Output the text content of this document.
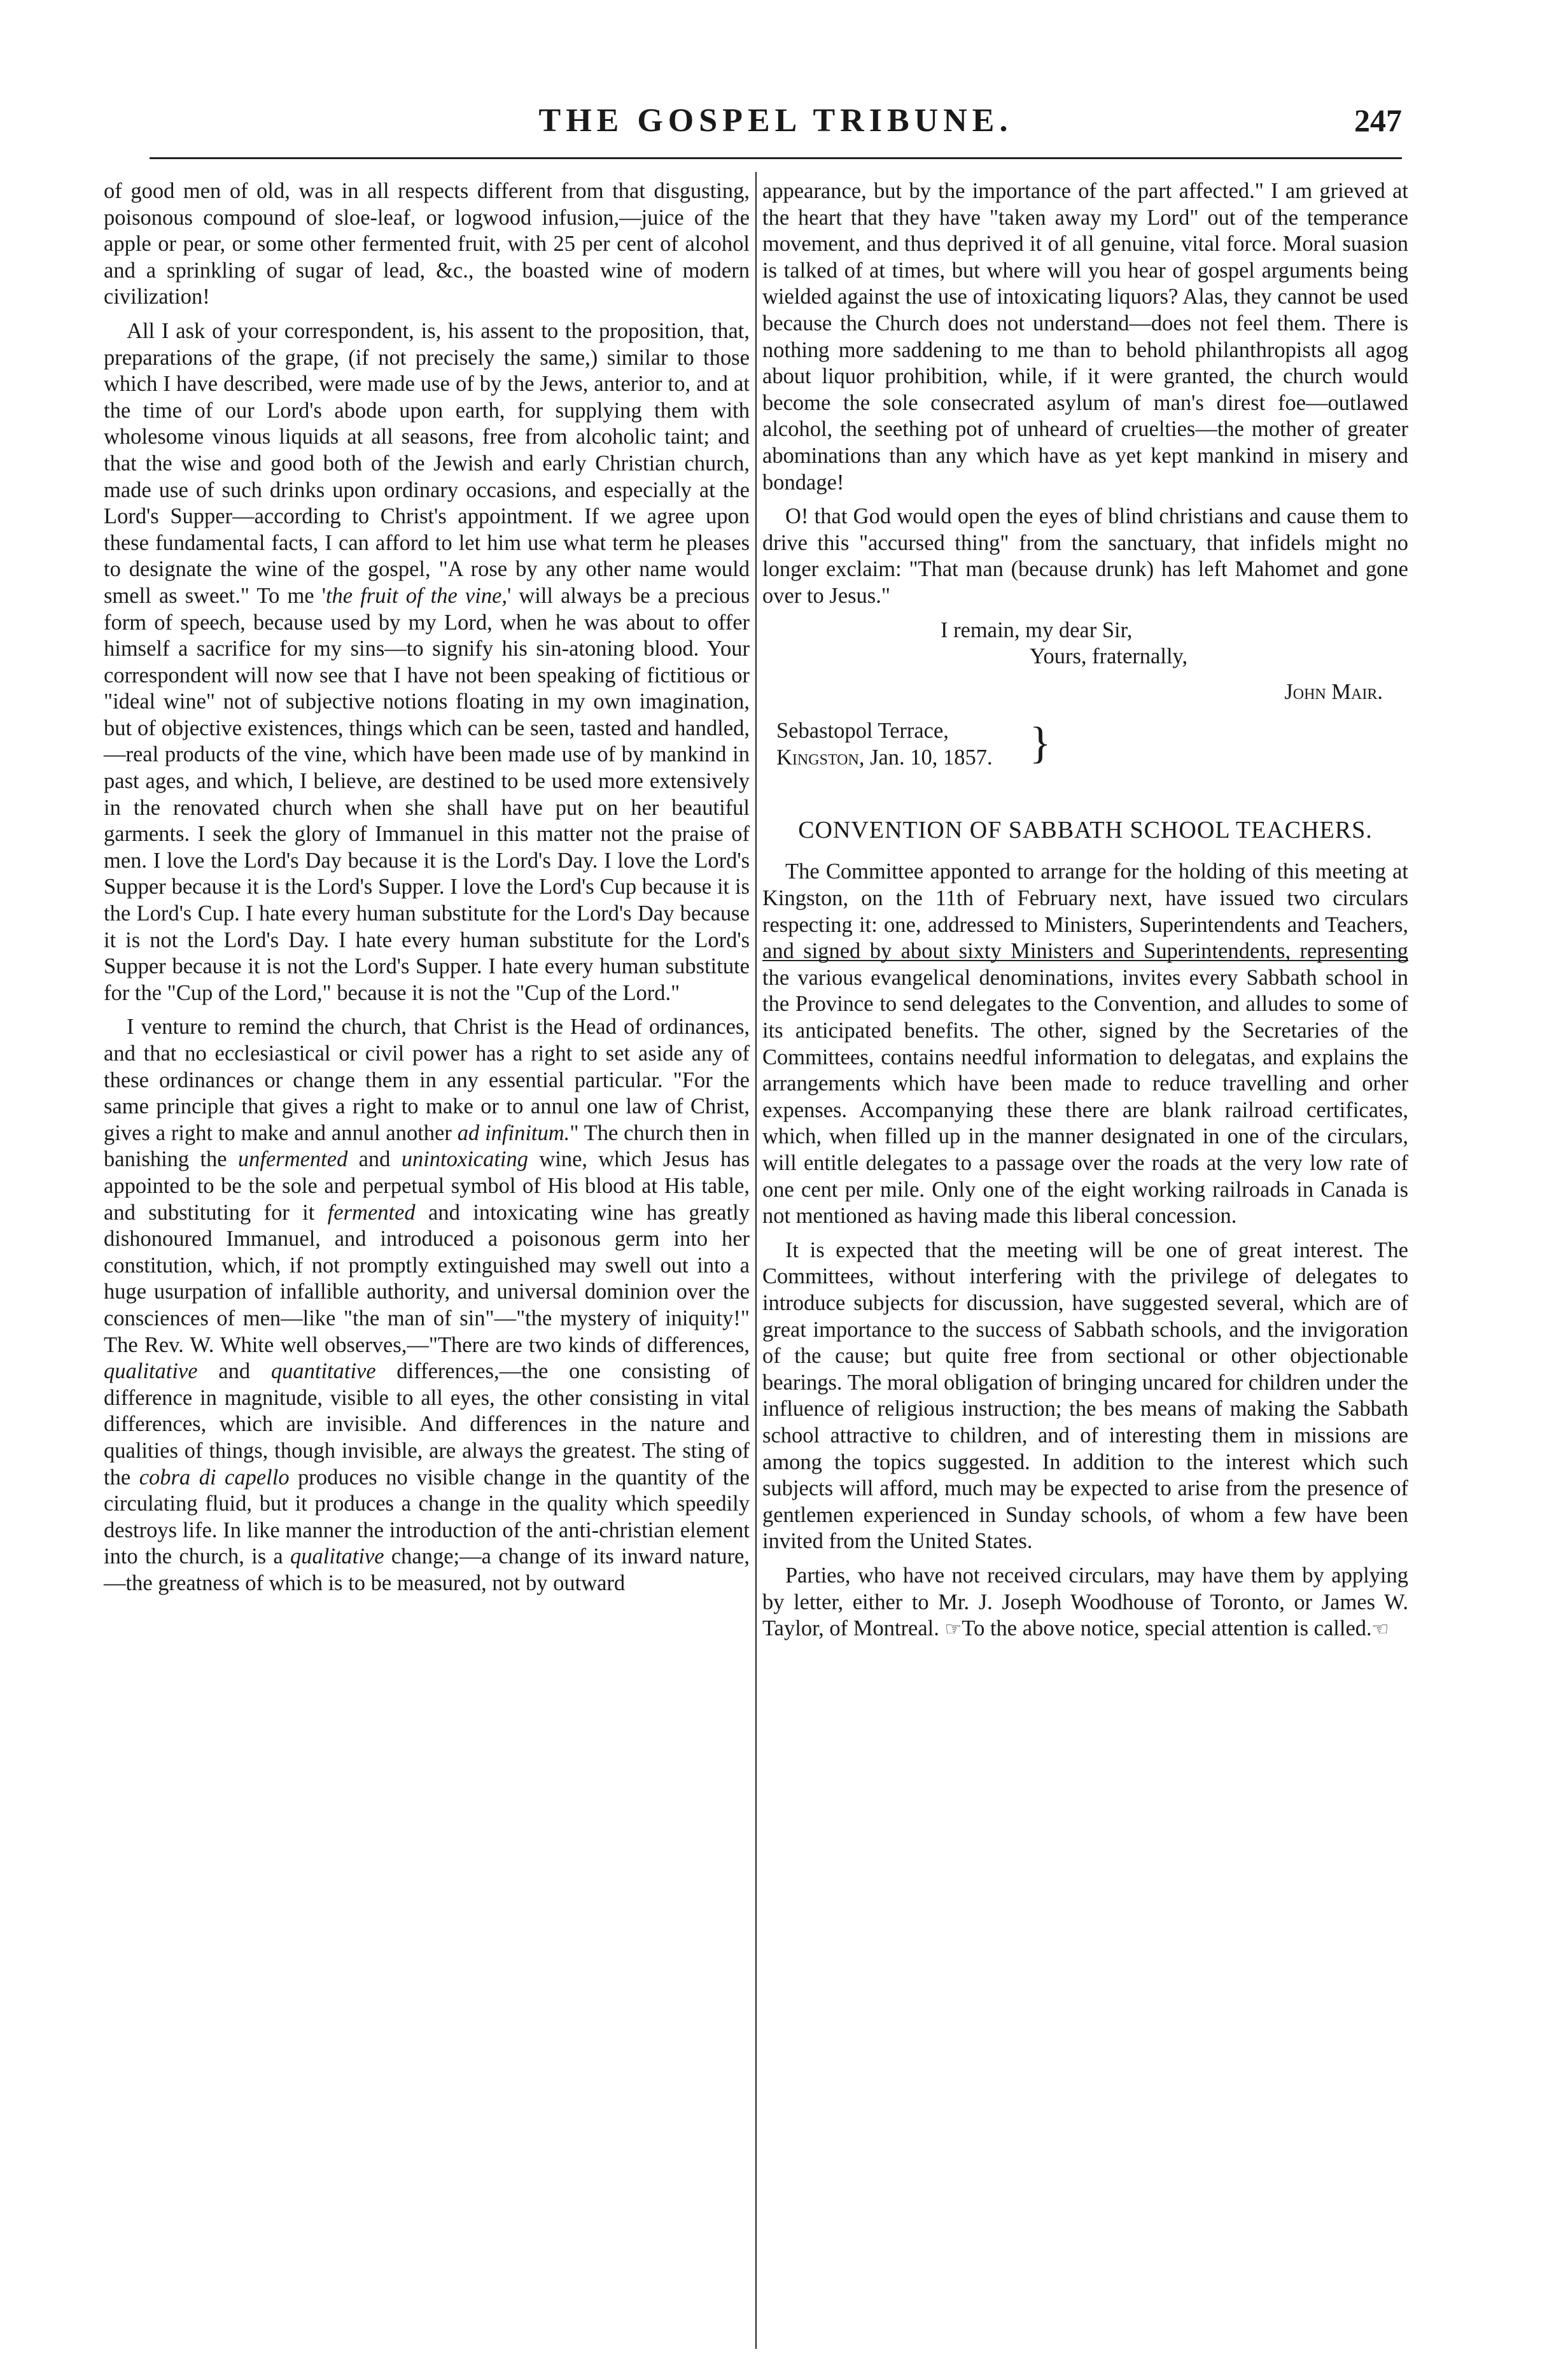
THE GOSPEL TRIBUNE.	247

of good men of old, was in all respects different from that disgusting, poisonous compound of sloe-leaf, or logwood infusion,—juice of the apple or pear, or some other fermented fruit, with 25 per cent of alcohol and a sprinkling of sugar of lead, &c., the boasted wine of modern civilization!

All I ask of your correspondent, is, his assent to the proposition, that, preparations of the grape, (if not precisely the same,) similar to those which I have described, were made use of by the Jews, anterior to, and at the time of our Lord's abode upon earth, for supplying them with wholesome vinous liquids at all seasons, free from alcoholic taint; and that the wise and good both of the Jewish and early Christian church, made use of such drinks upon ordinary occasions, and especially at the Lord's Supper—according to Christ's appointment. If we agree upon these fundamental facts, I can afford to let him use what term he pleases to designate the wine of the gospel, "A rose by any other name would smell as sweet." To me 'the fruit of the vine,' will always be a precious form of speech, because used by my Lord, when he was about to offer himself a sacrifice for my sins—to signify his sin-atoning blood. Your correspondent will now see that I have not been speaking of fictitious or "ideal wine" not of subjective notions floating in my own imagination, but of objective existences, things which can be seen, tasted and handled,—real products of the vine, which have been made use of by mankind in past ages, and which, I believe, are destined to be used more extensively in the renovated church when she shall have put on her beautiful garments. I seek the glory of Immanuel in this matter not the praise of men. I love the Lord's Day because it is the Lord's Day. I love the Lord's Supper because it is the Lord's Supper. I love the Lord's Cup because it is the Lord's Cup. I hate every human substitute for the Lord's Day because it is not the Lord's Day. I hate every human substitute for the Lord's Supper because it is not the Lord's Supper. I hate every human substitute for the "Cup of the Lord," because it is not the "Cup of the Lord."

I venture to remind the church, that Christ is the Head of ordinances, and that no ecclesiastical or civil power has a right to set aside any of these ordinances or change them in any essential particular. "For the same principle that gives a right to make or to annul one law of Christ, gives a right to make and annul another ad infinitum." The church then in banishing the unfermented and unintoxicating wine, which Jesus has appointed to be the sole and perpetual symbol of His blood at His table, and substituting for it fermented and intoxicating wine has greatly dishonoured Immanuel, and introduced a poisonous germ into her constitution, which, if not promptly extinguished may swell out into a huge usurpation of infallible authority, and universal dominion over the consciences of men—like "the man of sin"—"the mystery of iniquity!" The Rev. W. White well observes,—"There are two kinds of differences, qualitative and quantitative differences,—the one consisting of difference in magnitude, visible to all eyes, the other consisting in vital differences, which are invisible. And differences in the nature and qualities of things, though invisible, are always the greatest. The sting of the cobra di capello produces no visible change in the quantity of the circulating fluid, but it produces a change in the quality which speedily destroys life. In like manner the introduction of the anti-christian element into the church, is a qualitative change;—a change of its inward nature,—the greatness of which is to be measured, not by outward

appearance, but by the importance of the part affected." I am grieved at the heart that they have "taken away my Lord" out of the temperance movement, and thus deprived it of all genuine, vital force. Moral suasion is talked of at times, but where will you hear of gospel arguments being wielded against the use of intoxicating liquors? Alas, they cannot be used because the Church does not understand—does not feel them. There is nothing more saddening to me than to behold philanthropists all agog about liquor prohibition, while, if it were granted, the church would become the sole consecrated asylum of man's direst foe—outlawed alcohol, the seething pot of unheard of cruelties—the mother of greater abominations than any which have as yet kept mankind in misery and bondage!

O! that God would open the eyes of blind christians and cause them to drive this "accursed thing" from the sanctuary, that infidels might no longer exclaim: "That man (because drunk) has left Mahomet and gone over to Jesus."

I remain, my dear Sir,
Yours, fraternally,
John Mair.
Sebastopol Terrace,
Kingston, Jan. 10, 1857. }
CONVENTION OF SABBATH SCHOOL TEACHERS.

The Committee apponted to arrange for the holding of this meeting at Kingston, on the 11th of February next, have issued two circulars respecting it: one, addressed to Ministers, Superintendents and Teachers, and signed by about sixty Ministers and Superintendents, representing the various evangelical denominations, invites every Sabbath school in the Province to send delegates to the Convention, and alludes to some of its anticipated benefits. The other, signed by the Secretaries of the Committees, contains needful information to delegatas, and explains the arrangements which have been made to reduce travelling and orher expenses. Accompanying these there are blank railroad certificates, which, when filled up in the manner designated in one of the circulars, will entitle delegates to a passage over the roads at the very low rate of one cent per mile. Only one of the eight working railroads in Canada is not mentioned as having made this liberal concession.

It is expected that the meeting will be one of great interest. The Committees, without interfering with the privilege of delegates to introduce subjects for discussion, have suggested several, which are of great importance to the success of Sabbath schools, and the invigoration of the cause; but quite free from sectional or other objectionable bearings. The moral obligation of bringing uncared for children under the influence of religious instruction; the bes means of making the Sabbath school attractive to children, and of interesting them in missions are among the topics suggested. In addition to the interest which such subjects will afford, much may be expected to arise from the presence of gentlemen experienced in Sunday schools, of whom a few have been invited from the United States.

Parties, who have not received circulars, may have them by applying by letter, either to Mr. J. Joseph Woodhouse of Toronto, or James W. Taylor, of Montreal. ☞To the above notice, special attention is called.☜
